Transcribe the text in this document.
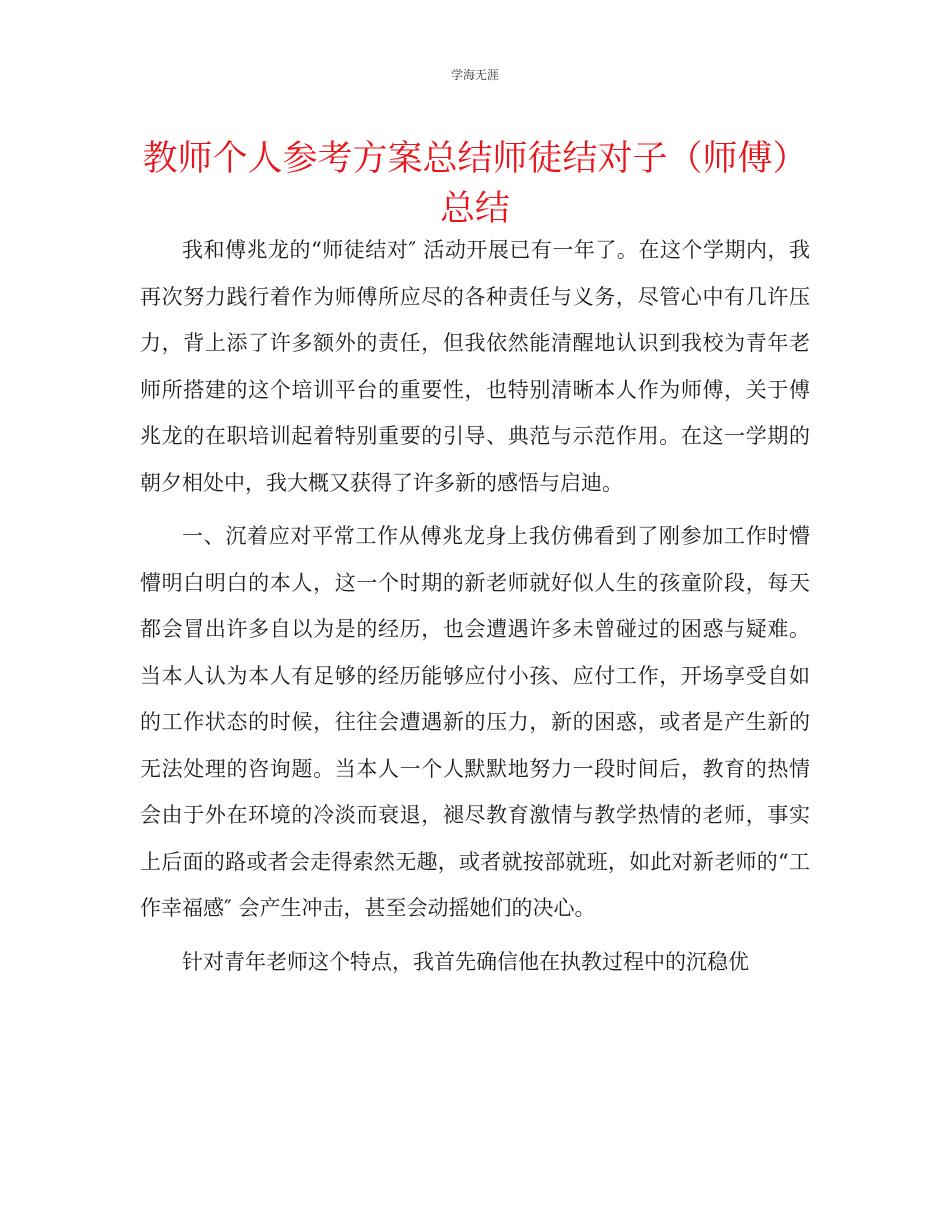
学海无涯
教师个人参考方案总结师徒结对子（师傅）总结

我和傅兆龙的“师徒结对″ 活动开展已有一年了。在这个学期内，我再次努力践行着作为师傅所应尽的各种责任与义务，尽管心中有几许压力，背上添了许多额外的责任，但我依然能清醒地认识到我校为青年老师所搭建的这个培训平台的重要性，也特别清晰本人作为师傅，关于傅兆龙的在职培训起着特别重要的引导、典范与示范作用。在这一学期的朝夕相处中，我大概又获得了许多新的感悟与启迪。

一、沉着应对平常工作从傅兆龙身上我仿佛看到了刚参加工作时懵懵明白明白的本人，这一个时期的新老师就好似人生的孩童阶段，每天都会冒出许多自以为是的经历，也会遭遇许多未曾碰过的困惑与疑难。当本人认为本人有足够的经历能够应付小孩、应付工作，开场享受自如的工作状态的时候，往往会遭遇新的压力，新的困惑，或者是产生新的无法处理的咨询题。当本人一个人默默地努力一段时间后，教育的热情会由于外在环境的冷淡而衰退，褪尽教育激情与教学热情的老师，事实上后面的路或者会走得索然无趣，或者就按部就班，如此对新老师的“工作幸福感″ 会产生冲击，甚至会动摇她们的决心。

针对青年老师这个特点，我首先确信他在执教过程中的沉稳优
